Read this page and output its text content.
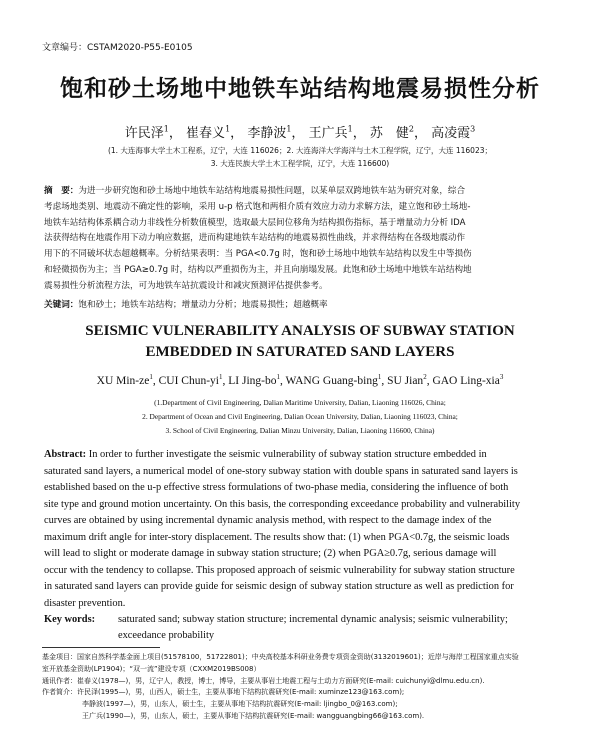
文章编号：CSTAM2020-P55-E0105
饱和砂土场地中地铁车站结构地震易损性分析
许民泽$^1$， 崔春义$^1$， 李静波$^1$， 王广兵$^1$， 苏　健$^2$， 高凌霞$^3$
(1. 大连海事大学土木工程系，辽宁，大连 116026；2. 大连海洋大学海洋与土木工程学院，辽宁，大连 116023；
3. 大连民族大学土木工程学院，辽宁，大连 116600)
摘　要：为进一步研究饱和砂土场地中地铁车站结构地震易损性问题，以某单层双跨地铁车站为研究对象，综合
考虑场地类别、地震动不确定性的影响，采用 u-p 格式饱和两相介质有效应力动力求解方法，建立饱和砂土场地-
地铁车站结构体系耦合动力非线性分析数值模型，选取最大层间位移角为结构损伤指标，基于增量动力分析 IDA
法获得结构在地震作用下动力响应数据，进而构建地铁车站结构的地震易损性曲线，并求得结构在各级地震动作
用下的不同破坏状态超越概率。分析结果表明：当 PGA<0.7g 时，饱和砂土场地中地铁车站结构以发生中等损伤
和轻微损伤为主；当 PGA≥0.7g 时，结构以严重损伤为主，并且向崩塌发展。此饱和砂土场地中地铁车站结构地
震易损性分析流程方法，可为地铁车站抗震设计和减灾预测评估提供参考。
关键词：饱和砂土；地铁车站结构；增量动力分析；地震易损性；超越概率
SEISMIC VULNERABILITY ANALYSIS OF SUBWAY STATION
EMBEDDED IN SATURATED SAND LAYERS
XU Min-$ze^1$, CUI Chun-$yi^1$, LI Jing-$bo^1$, WANG Guang-bing$^1$, SU Jian$^2$, GAO Ling-xia$^3$
(1.Department of Civil Engineering, Dalian Maritime University, Dalian, Liaoning 116026, China;
2. Department of Ocean and Civil Engineering, Dalian Ocean University, Dalian, Liaoning 116023, China;
3. School of Civil Engineering, Dalian Minzu University, Dalian, Liaoning 116600, China)
Abstract: In order to further investigate the seismic vulnerability of subway station structure embedded in
saturated sand layers, a numerical model of one-story subway station with double spans in saturated sand layers is
established based on the u-p effective stress formulations of two-phase media, considering the influence of both
site type and ground motion uncertainty. On this basis, the corresponding exceedance probability and vulnerability
curves are obtained by using incremental dynamic analysis method, with respect to the damage index of the
maximum drift angle for inter-story displacement. The results show that: (1) when PGA<0.7g, the seismic loads
will lead to slight or moderate damage in subway station structure; (2) when PGA≥0.7g, serious damage will
occur with the tendency to collapse. This proposed approach of seismic vulnerability for subway station structure
in saturated sand layers can provide guide for seismic design of subway station structure as well as prediction for
disaster prevention.
Key words: saturated sand; subway station structure; incremental dynamic analysis; seismic vulnerability;
exceedance probability
基金项目：国家自然科学基金面上项目(51578100，51722801)；中央高校基本科研业务费专项资金资助(3132019601)；近岸与海岸工程国家重点实验
室开放基金资助(LP1904)；“双一流”建设专项（CXXM2019BS008）
通讯作者：崔春义(1978—)，男，辽宁人，教授，博士，博导，主要从事岩土地震工程与土动力方面研究(E-mail: cuichunyi@dlmu.edu.cn).
作者简介：许民泽(1995—)，男，山西人，硕士生，主要从事地下结构抗震研究(E-mail: xuminze123@163.com);
李静波(1997—)，男，山东人，硕士生，主要从事地下结构抗震研究(E-mail: ljingbo_0@163.com);
王广兵(1990—)，男，山东人，硕士，主要从事地下结构抗震研究(E-mail: wangguangbing66@163.com).
